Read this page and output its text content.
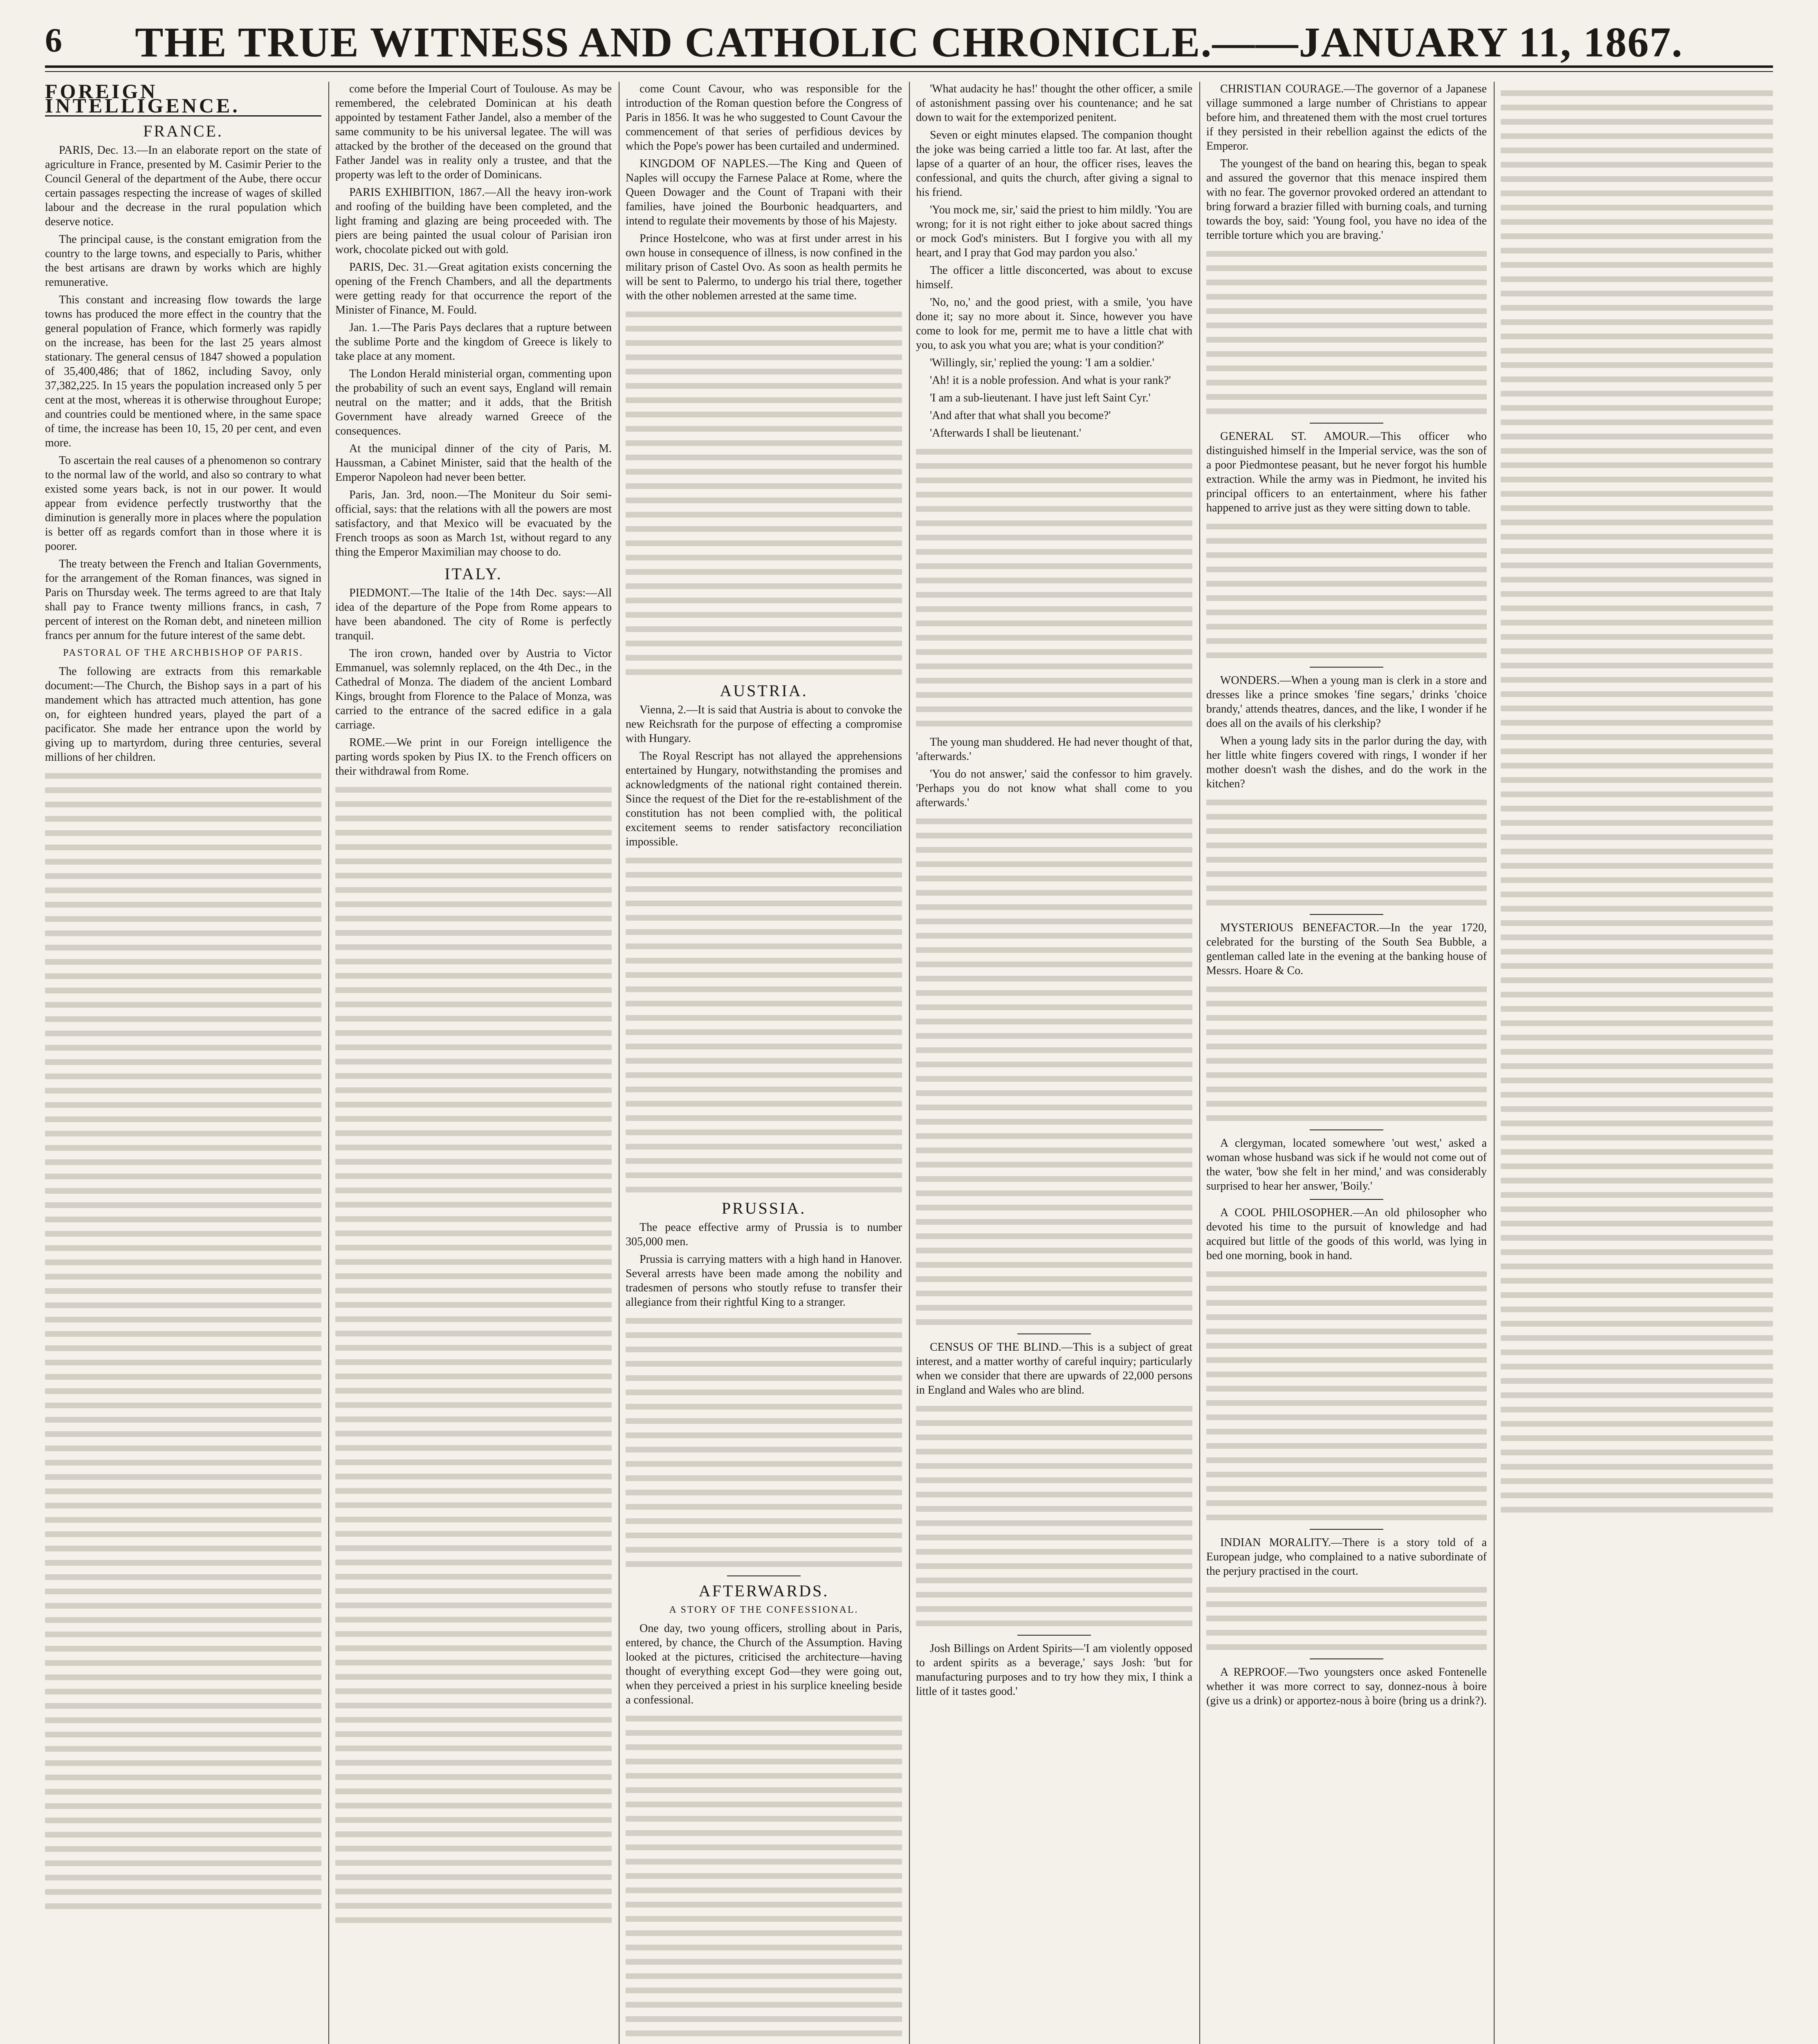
6	THE TRUE WITNESS AND CATHOLIC CHRONICLE.——JANUARY 11, 1867.
FOREIGN INTELLIGENCE.
FRANCE.

PARIS, Dec. 13.—In an elaborate report on the state of agriculture in France, presented by M. Casimir Perier to the Council General of the department of the Aube, there occur certain passages respecting the increase of wages of skilled labour and the decrease in the rural population which deserve notice.

The principal cause, is the constant emigration from the country to the large towns, and especially to Paris, whither the best artisans are drawn by works which are highly remunerative.

This constant and increasing flow towards the large towns has produced the more effect in the country that the general population of France, which formerly was rapidly on the increase, has been for the last 25 years almost stationary. The general census of 1847 showed a population of 35,400,486; that of 1862, including Savoy, only 37,382,225. In 15 years the population increased only 5 per cent at the most, whereas it is otherwise throughout Europe; and countries could be mentioned where, in the same space of time, the increase has been 10, 15, 20 per cent, and even more.

To ascertain the real causes of a phenomenon so contrary to the normal law of the world, and also so contrary to what existed some years back, is not in our power. It would appear from evidence perfectly trustworthy that the diminution is generally more in places where the population is better off as regards comfort than in those where it is poorer.

The treaty between the French and Italian Governments, for the arrangement of the Roman finances, was signed in Paris on Thursday week. The terms agreed to are that Italy shall pay to France twenty millions francs, in cash, 7 percent of interest on the Roman debt, and nineteen million francs per annum for the future interest of the same debt.

PASTORAL OF THE ARCHBISHOP OF PARIS.

The following are extracts from this remarkable document:—The Church, the Bishop says in a part of his mandement which has attracted much attention, has gone on, for eighteen hundred years, played the part of a pacificator. She made her entrance upon the world by giving up to martyrdom, during three centuries, several millions of her children.

come before the Imperial Court of Toulouse. As may be remembered, the celebrated Dominican at his death appointed by testament Father Jandel, also a member of the same community to be his universal legatee. The will was attacked by the brother of the deceased on the ground that Father Jandel was in reality only a trustee, and that the property was left to the order of Dominicans.

PARIS EXHIBITION, 1867.—All the heavy iron-work and roofing of the building have been completed, and the light framing and glazing are being proceeded with. The piers are being painted the usual colour of Parisian iron work, chocolate picked out with gold.

PARIS, Dec. 31.—Great agitation exists concerning the opening of the French Chambers, and all the departments were getting ready for that occurrence the report of the Minister of Finance, M. Fould.

Jan. 1.—The Paris Pays declares that a rupture between the sublime Porte and the kingdom of Greece is likely to take place at any moment.

The London Herald ministerial organ, commenting upon the probability of such an event says, England will remain neutral on the matter; and it adds, that the British Government have already warned Greece of the consequences.

At the municipal dinner of the city of Paris, M. Haussman, a Cabinet Minister, said that the health of the Emperor Napoleon had never been better.

Paris, Jan. 3rd, noon.—The Moniteur du Soir semi-official, says: that the relations with all the powers are most satisfactory, and that Mexico will be evacuated by the French troops as soon as March 1st, without regard to any thing the Emperor Maximilian may choose to do.

ITALY.

PIEDMONT.—The Italie of the 14th Dec. says:—All idea of the departure of the Pope from Rome appears to have been abandoned. The city of Rome is perfectly tranquil.

The iron crown, handed over by Austria to Victor Emmanuel, was solemnly replaced, on the 4th Dec., in the Cathedral of Monza. The diadem of the ancient Lombard Kings, brought from Florence to the Palace of Monza, was carried to the entrance of the sacred edifice in a gala carriage.

ROME.—We print in our Foreign intelligence the parting words spoken by Pius IX. to the French officers on their withdrawal from Rome.

come Count Cavour, who was responsible for the introduction of the Roman question before the Congress of Paris in 1856. It was he who suggested to Count Cavour the commencement of that series of perfidious devices by which the Pope's power has been curtailed and undermined.

KINGDOM OF NAPLES.—The King and Queen of Naples will occupy the Farnese Palace at Rome, where the Queen Dowager and the Count of Trapani with their families, have joined the Bourbonic headquarters, and intend to regulate their movements by those of his Majesty.

Prince Hostelcone, who was at first under arrest in his own house in consequence of illness, is now confined in the military prison of Castel Ovo. As soon as health permits he will be sent to Palermo, to undergo his trial there, together with the other noblemen arrested at the same time.

AUSTRIA.

Vienna, 2.—It is said that Austria is about to convoke the new Reichsrath for the purpose of effecting a compromise with Hungary.

The Royal Rescript has not allayed the apprehensions entertained by Hungary, notwithstanding the promises and acknowledgments of the national right contained therein. Since the request of the Diet for the re-establishment of the constitution has not been complied with, the political excitement seems to render satisfactory reconciliation impossible.

PRUSSIA.

The peace effective army of Prussia is to number 305,000 men.

Prussia is carrying matters with a high hand in Hanover. Several arrests have been made among the nobility and tradesmen of persons who stoutly refuse to transfer their allegiance from their rightful King to a stranger.

AFTERWARDS.
A STORY OF THE CONFESSIONAL.

One day, two young officers, strolling about in Paris, entered, by chance, the Church of the Assumption. Having looked at the pictures, criticised the architecture—having thought of everything except God—they were going out, when they perceived a priest in his surplice kneeling beside a confessional.

'What audacity he has!' thought the other officer, a smile of astonishment passing over his countenance; and he sat down to wait for the extemporized penitent.

Seven or eight minutes elapsed. The companion thought the joke was being carried a little too far. At last, after the lapse of a quarter of an hour, the officer rises, leaves the confessional, and quits the church, after giving a signal to his friend.

'You mock me, sir,' said the priest to him mildly. 'You are wrong; for it is not right either to joke about sacred things or mock God's ministers. But I forgive you with all my heart, and I pray that God may pardon you also.'

The officer a little disconcerted, was about to excuse himself.

'No, no,' and the good priest, with a smile, 'you have done it; say no more about it. Since, however you have come to look for me, permit me to have a little chat with you, to ask you what you are; what is your condition?'

'Willingly, sir,' replied the young: 'I am a soldier.'

'Ah! it is a noble profession. And what is your rank?'

'I am a sub-lieutenant. I have just left Saint Cyr.'

'And after that what shall you become?'

'Afterwards I shall be lieutenant.'

The young man shuddered. He had never thought of that, 'afterwards.'

'You do not answer,' said the confessor to him gravely. 'Perhaps you do not know what shall come to you afterwards.'

CENSUS OF THE BLIND.—This is a subject of great interest, and a matter worthy of careful inquiry; particularly when we consider that there are upwards of 22,000 persons in England and Wales who are blind.

Josh Billings on Ardent Spirits—'I am violently opposed to ardent spirits as a beverage,' says Josh: 'but for manufacturing purposes and to try how they mix, I think a little of it tastes good.'

CHRISTIAN COURAGE.—The governor of a Japanese village summoned a large number of Christians to appear before him, and threatened them with the most cruel tortures if they persisted in their rebellion against the edicts of the Emperor.

The youngest of the band on hearing this, began to speak and assured the governor that this menace inspired them with no fear. The governor provoked ordered an attendant to bring forward a brazier filled with burning coals, and turning towards the boy, said: 'Young fool, you have no idea of the terrible torture which you are braving.'

GENERAL ST. AMOUR.—This officer who distinguished himself in the Imperial service, was the son of a poor Piedmontese peasant, but he never forgot his humble extraction. While the army was in Piedmont, he invited his principal officers to an entertainment, where his father happened to arrive just as they were sitting down to table.

WONDERS.—When a young man is clerk in a store and dresses like a prince smokes 'fine segars,' drinks 'choice brandy,' attends theatres, dances, and the like, I wonder if he does all on the avails of his clerkship?

When a young lady sits in the parlor during the day, with her little white fingers covered with rings, I wonder if her mother doesn't wash the dishes, and do the work in the kitchen?

MYSTERIOUS BENEFACTOR.—In the year 1720, celebrated for the bursting of the South Sea Bubble, a gentleman called late in the evening at the banking house of Messrs. Hoare & Co.

A clergyman, located somewhere 'out west,' asked a woman whose husband was sick if he would not come out of the water, 'bow she felt in her mind,' and was considerably surprised to hear her answer, 'Boily.'

A COOL PHILOSOPHER.—An old philosopher who devoted his time to the pursuit of knowledge and had acquired but little of the goods of this world, was lying in bed one morning, book in hand.

INDIAN MORALITY.—There is a story told of a European judge, who complained to a native subordinate of the perjury practised in the court.

A REPROOF.—Two youngsters once asked Fontenelle whether it was more correct to say, donnez-nous à boire (give us a drink) or apportez-nous à boire (bring us a drink?).
